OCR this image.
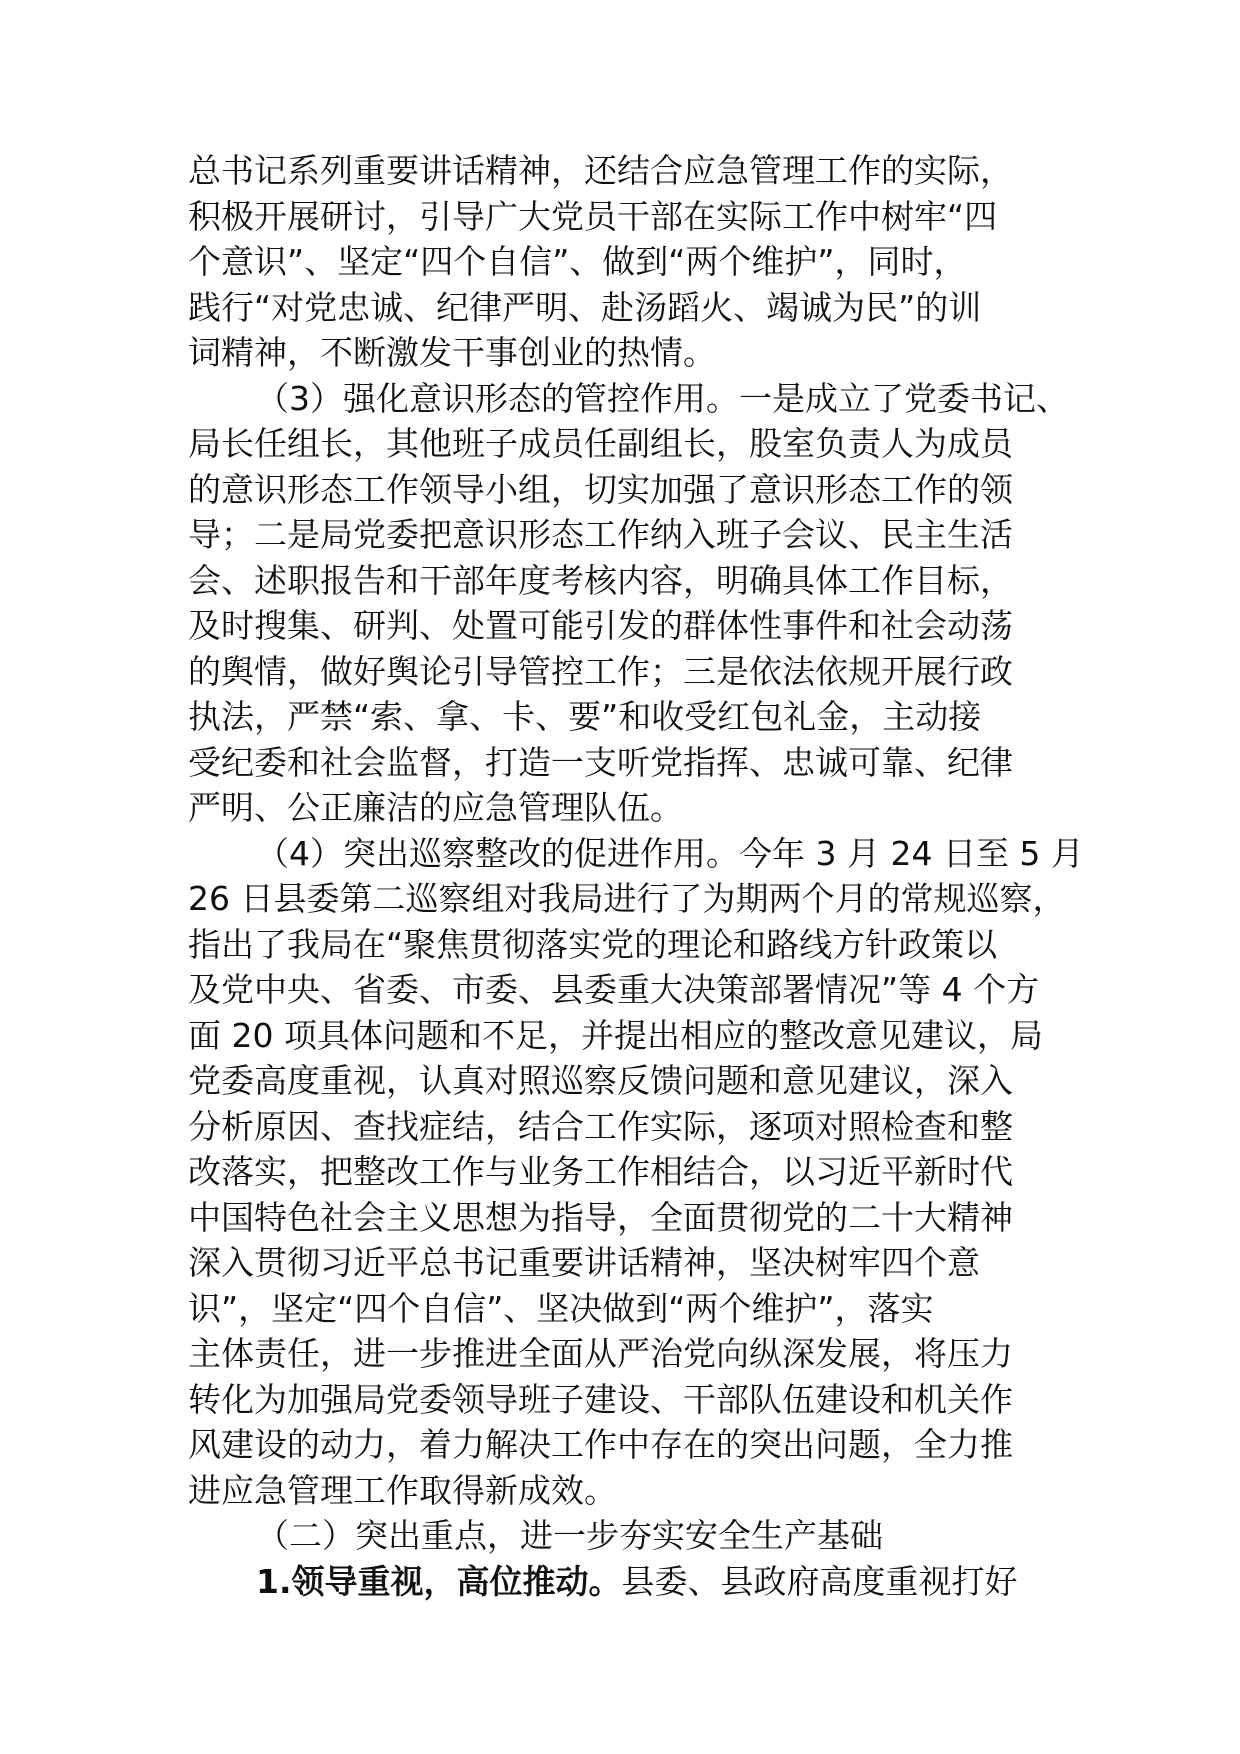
总书记系列重要讲话精神，还结合应急管理工作的实际，
积极开展研讨，引导广大党员干部在实际工作中树牢“四
个意识”、坚定“四个自信”、做到“两个维护”，同时，
践行“对党忠诚、纪律严明、赴汤蹈火、竭诚为民”的训
词精神，不断激发干事创业的热情。
（3）强化意识形态的管控作用。一是成立了党委书记、
局长任组长，其他班子成员任副组长，股室负责人为成员
的意识形态工作领导小组，切实加强了意识形态工作的领
导；二是局党委把意识形态工作纳入班子会议、民主生活
会、述职报告和干部年度考核内容，明确具体工作目标，
及时搜集、研判、处置可能引发的群体性事件和社会动荡
的舆情，做好舆论引导管控工作；三是依法依规开展行政
执法，严禁“索、拿、卡、要”和收受红包礼金，主动接
受纪委和社会监督，打造一支听党指挥、忠诚可靠、纪律
严明、公正廉洁的应急管理队伍。
（4）突出巡察整改的促进作用。今年 3 月 24 日至 5 月
26 日县委第二巡察组对我局进行了为期两个月的常规巡察，
指出了我局在“聚焦贯彻落实党的理论和路线方针政策以
及党中央、省委、市委、县委重大决策部署情况”等 4 个方
面 20 项具体问题和不足，并提出相应的整改意见建议，局
党委高度重视，认真对照巡察反馈问题和意见建议，深入
分析原因、查找症结，结合工作实际，逐项对照检查和整
改落实，把整改工作与业务工作相结合，以习近平新时代
中国特色社会主义思想为指导，全面贯彻党的二十大精神
深入贯彻习近平总书记重要讲话精神，坚决树牢四个意
识”，坚定“四个自信”、坚决做到“两个维护”，落实
主体责任，进一步推进全面从严治党向纵深发展，将压力
转化为加强局党委领导班子建设、干部队伍建设和机关作
风建设的动力，着力解决工作中存在的突出问题，全力推
进应急管理工作取得新成效。
（二）突出重点，进一步夯实安全生产基础
1.领导重视，高位推动。县委、县政府高度重视打好
